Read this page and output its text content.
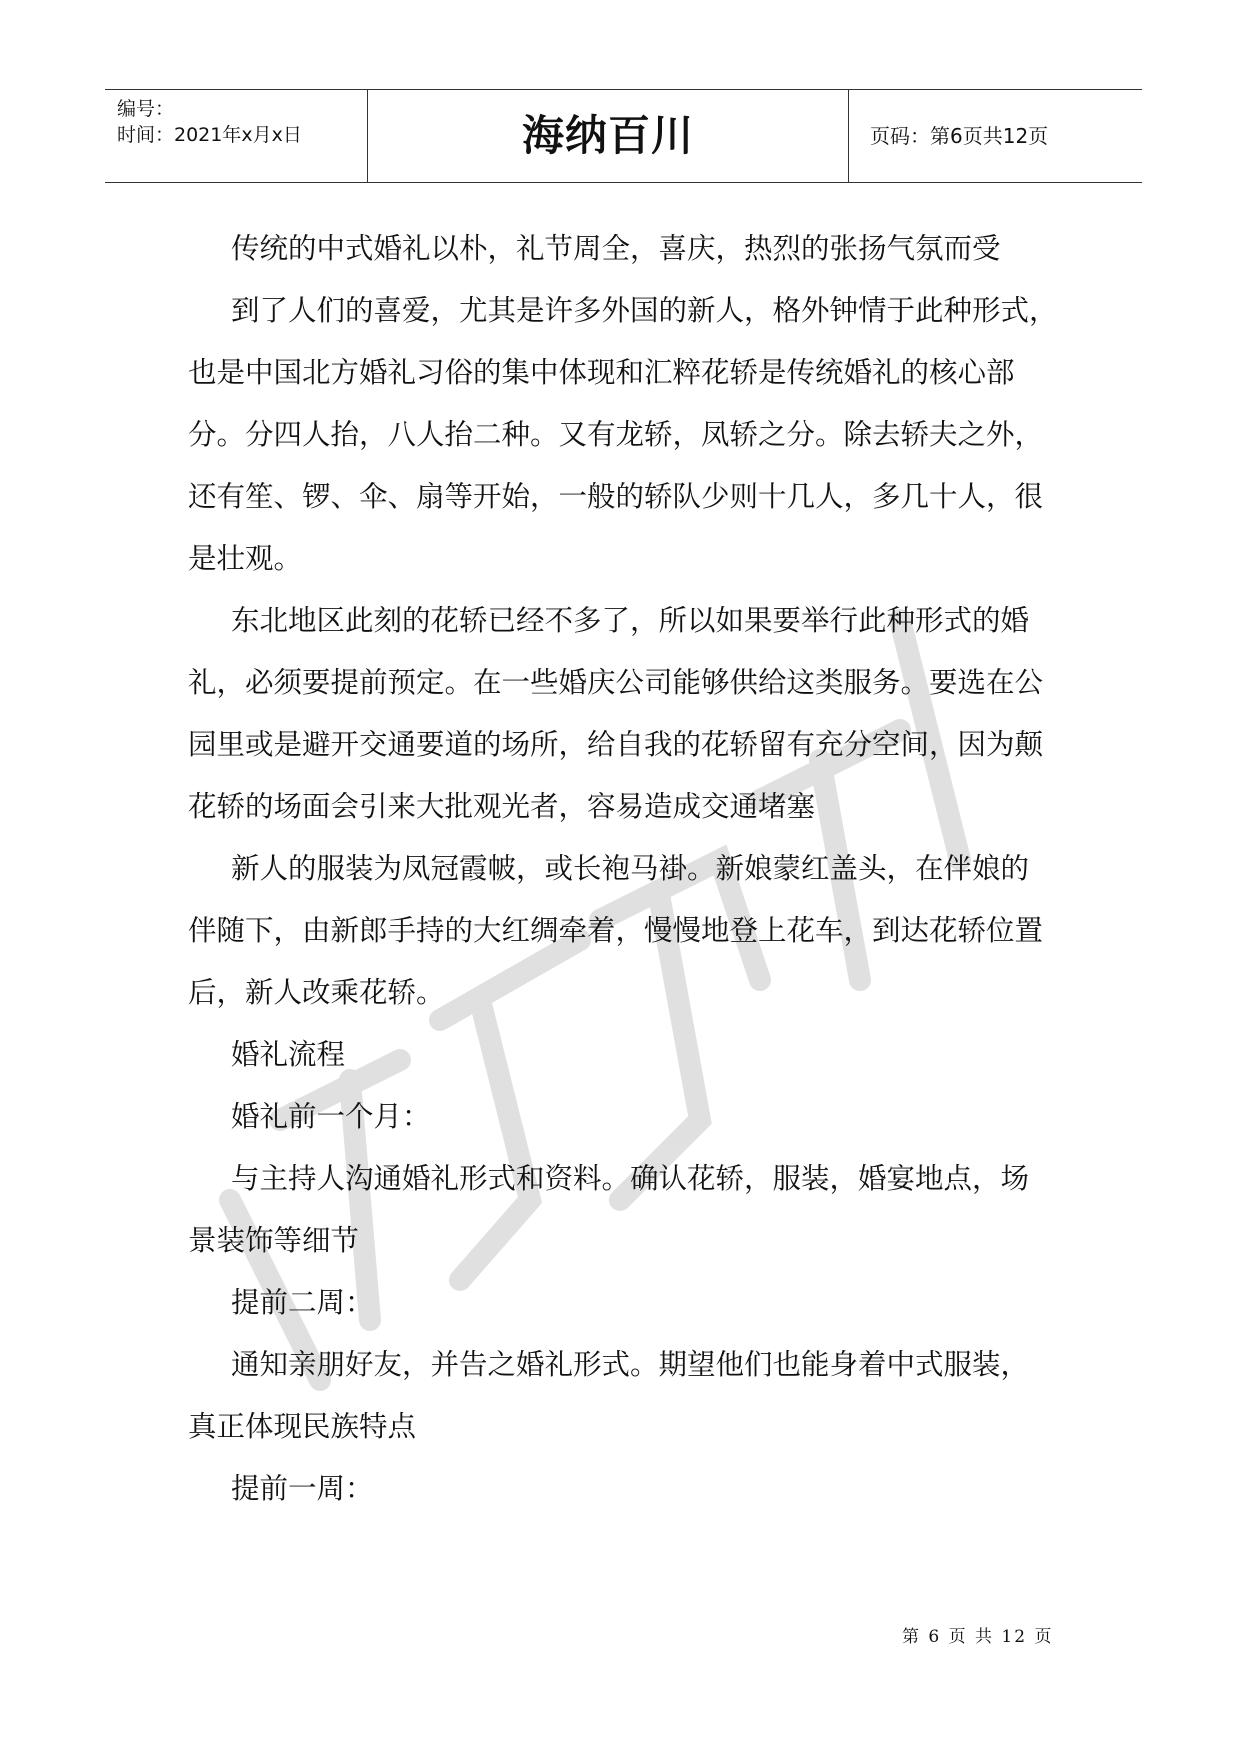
编号：
时间：2021年x月x日	海纳百川	页码：第6页共12页
传统的中式婚礼以朴，礼节周全，喜庆，热烈的张扬气氛而受
到了人们的喜爱，尤其是许多外国的新人，格外钟情于此种形式，
也是中国北方婚礼习俗的集中体现和汇粹花轿是传统婚礼的核心部
分。分四人抬，八人抬二种。又有龙轿，凤轿之分。除去轿夫之外，
还有笙、锣、伞、扇等开始，一般的轿队少则十几人，多几十人，很
是壮观。
东北地区此刻的花轿已经不多了，所以如果要举行此种形式的婚
礼，必须要提前预定。在一些婚庆公司能够供给这类服务。要选在公
园里或是避开交通要道的场所，给自我的花轿留有充分空间，因为颠
花轿的场面会引来大批观光者，容易造成交通堵塞
新人的服装为凤冠霞帔，或长袍马褂。新娘蒙红盖头，在伴娘的
伴随下，由新郎手持的大红绸牵着，慢慢地登上花车，到达花轿位置
后，新人改乘花轿。
婚礼流程
婚礼前一个月：
与主持人沟通婚礼形式和资料。确认花轿，服装，婚宴地点，场
景装饰等细节
提前二周：
通知亲朋好友，并告之婚礼形式。期望他们也能身着中式服装，
真正体现民族特点
提前一周：
第 6 页 共 12 页
